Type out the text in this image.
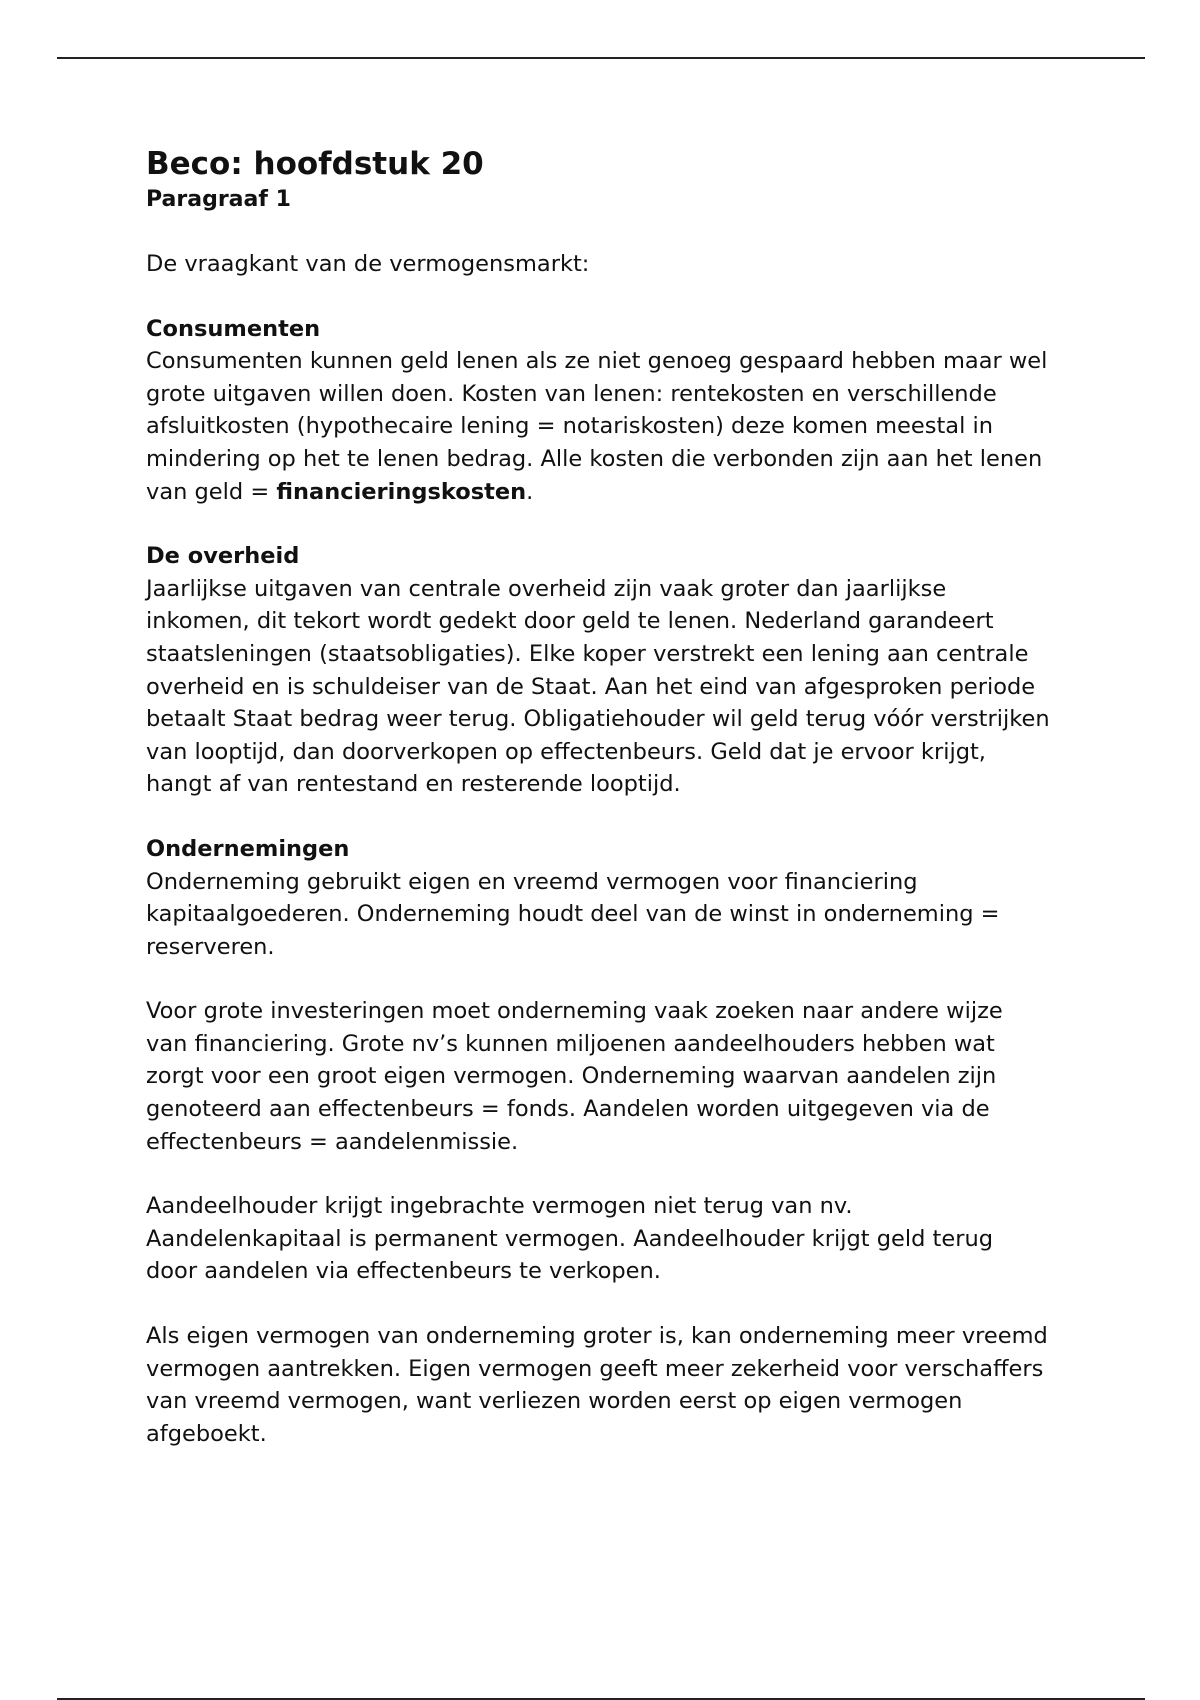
Beco: hoofdstuk 20
Paragraaf 1

De vraagkant van de vermogensmarkt:

Consumenten

Consumenten kunnen geld lenen als ze niet genoeg gespaard hebben maar wel grote uitgaven willen doen. Kosten van lenen: rentekosten en verschillende afsluitkosten (hypothecaire lening = notariskosten) deze komen meestal in mindering op het te lenen bedrag. Alle kosten die verbonden zijn aan het lenen van geld = financieringskosten.

De overheid

Jaarlijkse uitgaven van centrale overheid zijn vaak groter dan jaarlijkse inkomen, dit tekort wordt gedekt door geld te lenen. Nederland garandeert staatsleningen (staatsobligaties). Elke koper verstrekt een lening aan centrale overheid en is schuldeiser van de Staat. Aan het eind van afgesproken periode betaalt Staat bedrag weer terug. Obligatiehouder wil geld terug vóór verstrijken van looptijd, dan doorverkopen op effectenbeurs. Geld dat je ervoor krijgt, hangt af van rentestand en resterende looptijd.

Ondernemingen

Onderneming gebruikt eigen en vreemd vermogen voor financiering kapitaalgoederen. Onderneming houdt deel van de winst in onderneming = reserveren.

Voor grote investeringen moet onderneming vaak zoeken naar andere wijze van financiering. Grote nv’s kunnen miljoenen aandeelhouders hebben wat zorgt voor een groot eigen vermogen. Onderneming waarvan aandelen zijn genoteerd aan effectenbeurs = fonds. Aandelen worden uitgegeven via de effectenbeurs = aandelenmissie.

Aandeelhouder krijgt ingebrachte vermogen niet terug van nv. Aandelenkapitaal is permanent vermogen. Aandeelhouder krijgt geld terug door aandelen via effectenbeurs te verkopen.

Als eigen vermogen van onderneming groter is, kan onderneming meer vreemd vermogen aantrekken. Eigen vermogen geeft meer zekerheid voor verschaffers van vreemd vermogen, want verliezen worden eerst op eigen vermogen afgeboekt.
